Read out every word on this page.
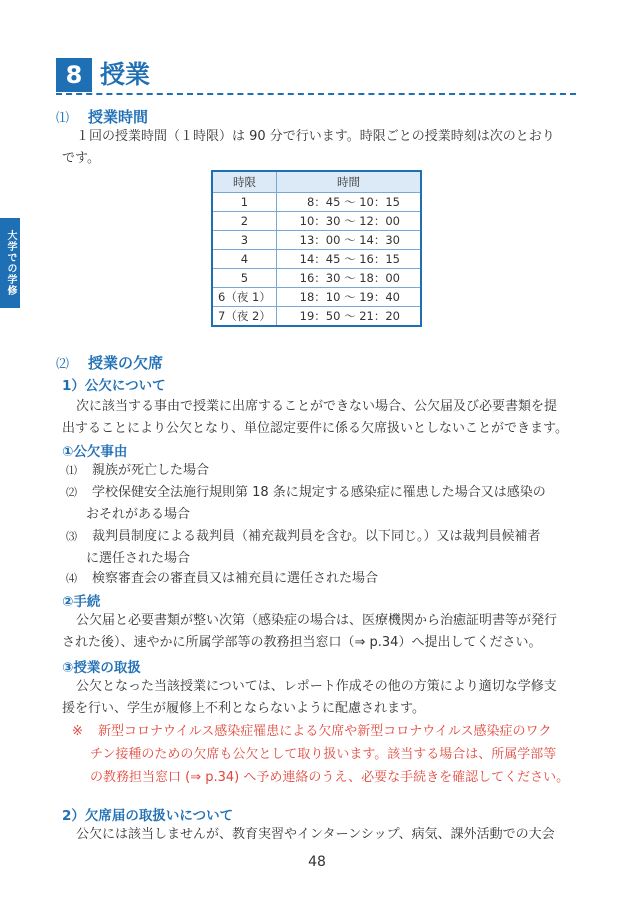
大学での学修
8 授業
⑴ 授業時間
１回の授業時間（１時限）は 90 分で行います。時限ごとの授業時刻は次のとおり
です。
時限	時間
1	8：45 〜 10：15
2	10：30 〜 12：00
3	13：00 〜 14：30
4	14：45 〜 16：15
5	16：30 〜 18：00
6（夜 1）	18：10 〜 19：40
7（夜 2）	19：50 〜 21：20
⑵ 授業の欠席
1）公欠について
次に該当する事由で授業に出席することができない場合、公欠届及び必要書類を提
出することにより公欠となり、単位認定要件に係る欠席扱いとしないことができます。
①公欠事由
⑴ 親族が死亡した場合
⑵ 学校保健安全法施行規則第 18 条に規定する感染症に罹患した場合又は感染の
おそれがある場合
⑶ 裁判員制度による裁判員（補充裁判員を含む。以下同じ。）又は裁判員候補者
に選任された場合
⑷ 検察審査会の審査員又は補充員に選任された場合
②手続
公欠届と必要書類が整い次第（感染症の場合は、医療機関から治癒証明書等が発行
された後）、速やかに所属学部等の教務担当窓口（⇒ p.34）へ提出してください。
③授業の取扱
公欠となった当該授業については、レポート作成その他の方策により適切な学修支
援を行い、学生が履修上不利とならないように配慮されます。
※ 新型コロナウイルス感染症罹患による欠席や新型コロナウイルス感染症のワク
チン接種のための欠席も公欠として取り扱います。該当する場合は、所属学部等
の教務担当窓口 (⇒ p.34) へ予め連絡のうえ、必要な手続きを確認してください。
2）欠席届の取扱いについて
公欠には該当しませんが、教育実習やインターンシップ、病気、課外活動での大会
48
